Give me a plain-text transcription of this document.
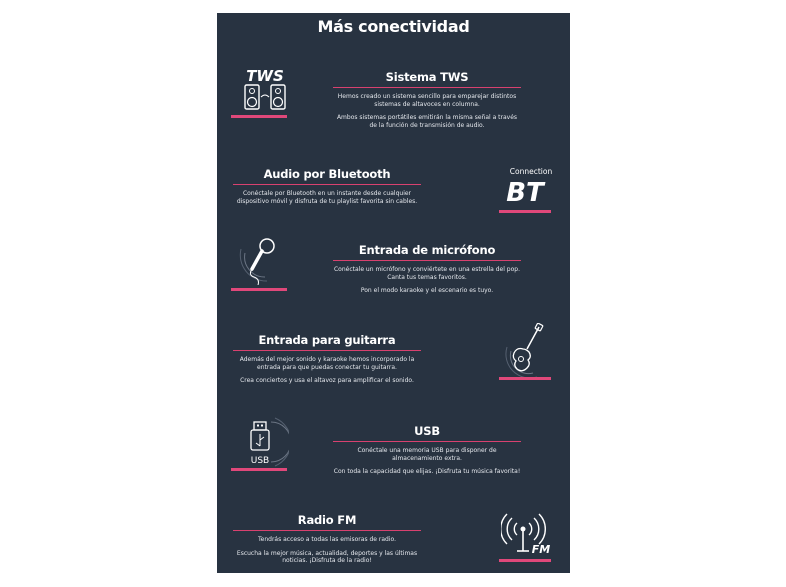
Más conectividad
TWS	Sistema TWS

Hemos creado un sistema sencillo para emparejar distintos sistemas de altavoces en columna.

Ambos sistemas portátiles emitirán la misma señal a través de la función de transmisión de audio.

Audio por Bluetooth

Conéctale por Bluetooth en un instante desde cualquier dispositivo móvil y disfruta de tu playlist favorita sin cables.

Connection
BT
Entrada de micrófono

Conéctale un micrófono y conviértete en una estrella del pop. Canta tus temas favoritos.

Pon el modo karaoke y el escenario es tuyo.

Entrada para guitarra

Además del mejor sonido y karaoke hemos incorporado la entrada para que puedas conectar tu guitarra.

Crea conciertos y usa el altavoz para amplificar el sonido.

USB
USB

Conéctale una memoria USB para disponer de almacenamiento extra.

Con toda la capacidad que elijas. ¡Disfruta tu música favorita!

Radio FM

Tendrás acceso a todas las emisoras de radio.

Escucha la mejor música, actualidad, deportes y las últimas noticias. ¡Disfruta de la radio!

FM
